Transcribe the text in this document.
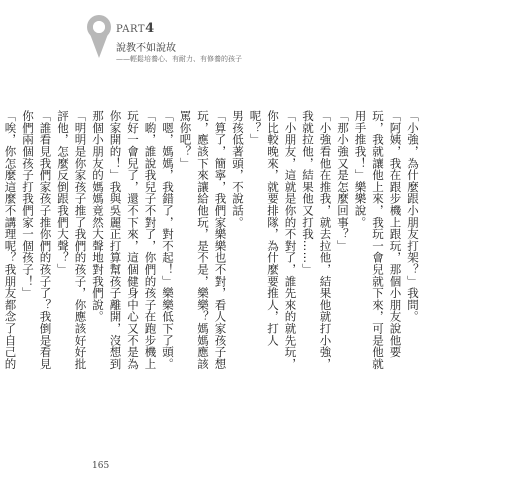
PART4
說教不如說故
——輕鬆培養心、有耐力、有修養的孩子

「小強，為什麼跟小朋友打架？」我問。

「阿姨，我在跟步機上跟玩，那個小朋友說他要玩，我就讓他上來，我玩一會兒就下來，可是他就用手推我！」樂樂說。

「那小強又是怎麼回事？」

「小強看他在推我，就去拉他，結果他就打小強，我就拉他，結果他又打我……」

「小朋友，這就是你的不對了，誰先來的就先玩，你比較晚來，就要排隊，為什麼要推人，打人呢？」

男孩低著頭，不說話。

「算了，簡寧，我們家樂樂也不對，看人家孩子想玩，應該下來讓給他玩，是不是，樂樂？媽媽應該罵你吧？」

「嗯，媽媽，我錯了，對不起！」樂樂低下了頭。

「喲，誰說我兒子不對了，你們的孩子在跑步機上玩好一會兒了，還不下來，這個健身中心又不是為你家開的！」我與吳麗正打算幫孩子離開，沒想到那個小朋友的媽媽竟然大聲地對我們說。

「明明是你家孩子推了我們的孩子，你應該好好批評他，怎麼反倒跟我們大聲？」

「誰看見我們家孩子推你們的孩子了？我倒是看見你們兩個孩子打我們家一個孩子！」

「唉，你怎麼這麼不講理呢？我朋友都念了自己的

165
